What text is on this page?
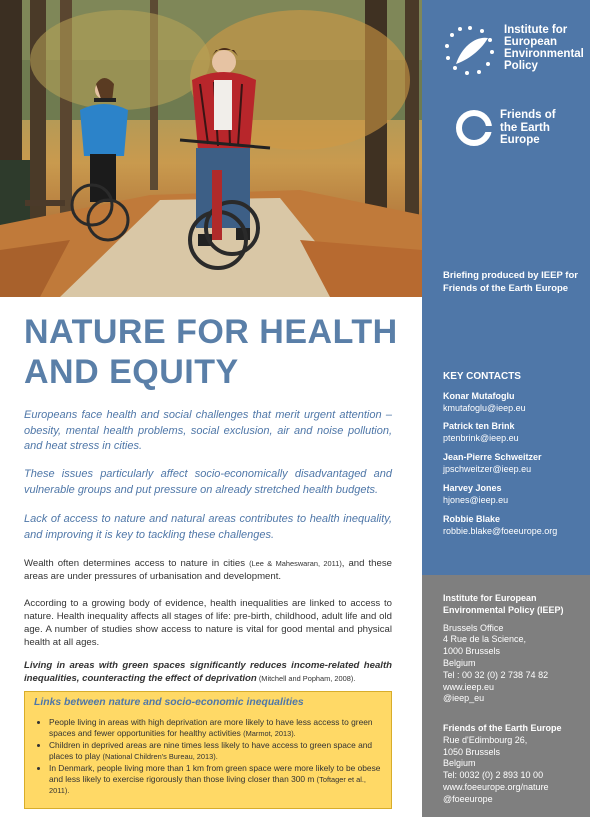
Institute for
European
Environmental
Policy
Friends of
the Earth
Europe
Briefing produced by IEEP for Friends of the Earth Europe
KEY CONTACTS
Konar Mutafoglu
kmutafoglu@ieep.eu
Patrick ten Brink
ptenbrink@ieep.eu
Jean-Pierre Schweitzer
jpschweitzer@ieep.eu
Harvey Jones
hjones@ieep.eu
Robbie Blake
robbie.blake@foeeurope.org
Institute for European
Environmental Policy (IEEP)
Brussels Office
4 Rue de la Science,
1000 Brussels
Belgium
Tel : 00 32 (0) 2 738 74 82
www.ieep.eu
@ieep_eu
Friends of the Earth Europe
Rue d'Edimbourg 26,
1050 Brussels
Belgium
Tel: 0032 (0) 2 893 10 00
www.foeeurope.org/nature
@foeeurope
NATURE FOR HEALTH
AND EQUITY
Europeans face health and social challenges that merit urgent attention – obesity, mental health problems, social exclusion, air and noise pollution, and heat stress in cities.
These issues particularly affect socio-economically disadvantaged and vulnerable groups and put pressure on already stretched health budgets.
Lack of access to nature and natural areas contributes to health inequality, and improving it is key to tackling these challenges.
Wealth often determines access to nature in cities (Lee & Maheswaran, 2011), and these areas are under pressures of urbanisation and development.
According to a growing body of evidence, health inequalities are linked to access to nature. Health inequality affects all stages of life: pre-birth, childhood, adult life and old age. A number of studies show access to nature is vital for good mental and physical health at all ages.
Living in areas with green spaces significantly reduces income-related health inequalities, counteracting the effect of deprivation (Mitchell and Popham, 2008).
Links between nature and socio-economic inequalities
• People living in areas with high deprivation are more likely to have less access to green spaces and fewer opportunities for healthy activities (Marmot, 2013).
• Children in deprived areas are nine times less likely to have access to green space and places to play (National Children's Bureau, 2013).
• In Denmark, people living more than 1 km from green space were more likely to be obese and less likely to exercise rigorously than those living closer than 300 m (Toftager et al., 2011).
